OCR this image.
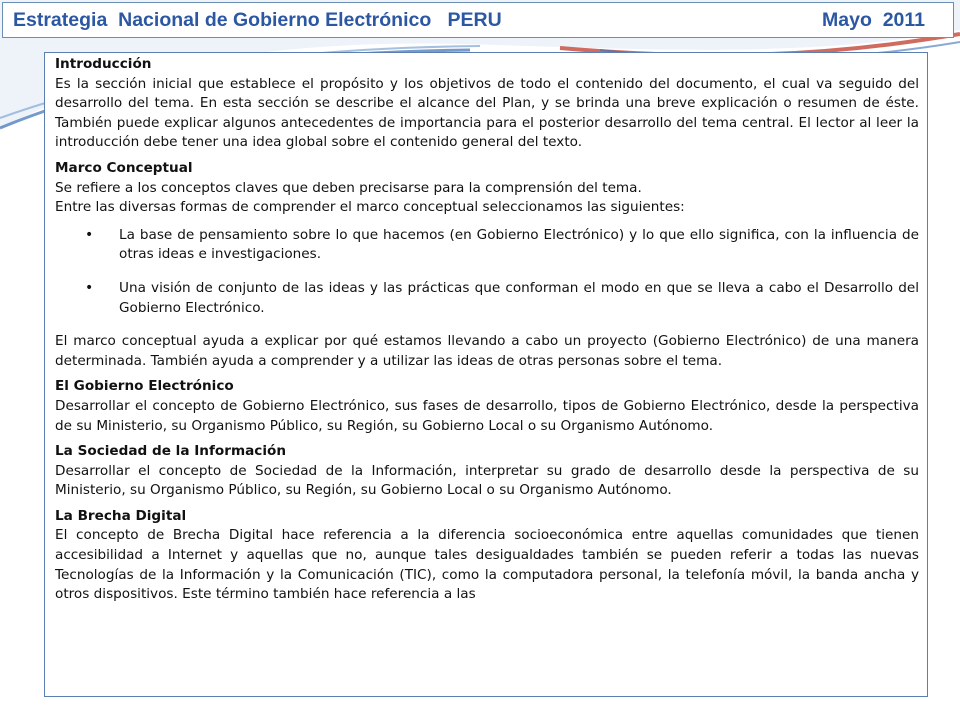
Estrategia  Nacional de Gobierno Electrónico   PERU	Mayo  2011
Introducción
Es la sección inicial que establece el propósito y los objetivos de todo el contenido del documento, el cual va seguido del desarrollo del tema. En esta sección se describe el alcance del Plan, y se brinda una breve explicación o resumen de éste. También puede explicar algunos antecedentes de importancia para el posterior desarrollo del tema central. El lector al leer la introducción debe tener una idea global sobre el contenido general del texto.
Marco Conceptual
Se refiere a los conceptos claves que deben precisarse para la comprensión del tema.
Entre las diversas formas de comprender el marco conceptual seleccionamos las siguientes:
• La base de pensamiento sobre lo que hacemos (en Gobierno Electrónico) y lo que ello significa, con la influencia de otras ideas e investigaciones.
• Una visión de conjunto de las ideas y las prácticas que conforman el modo en que se lleva a cabo el Desarrollo del Gobierno Electrónico.
El marco conceptual ayuda a explicar por qué estamos llevando a cabo un proyecto (Gobierno Electrónico) de una manera determinada. También ayuda a comprender y a utilizar las ideas de otras personas sobre el tema.
El Gobierno Electrónico
Desarrollar el concepto de Gobierno Electrónico, sus fases de desarrollo, tipos de Gobierno Electrónico, desde la perspectiva de su Ministerio, su Organismo Público, su Región, su Gobierno Local o su Organismo Autónomo.
La Sociedad de la Información
Desarrollar el concepto de Sociedad de la Información, interpretar su grado de desarrollo desde la perspectiva de su Ministerio, su Organismo Público, su Región, su Gobierno Local o su Organismo Autónomo.
La Brecha Digital
El concepto de Brecha Digital hace referencia a la diferencia socioeconómica entre aquellas comunidades que tienen accesibilidad a Internet y aquellas que no, aunque tales desigualdades también se pueden referir a todas las nuevas Tecnologías de la Información y la Comunicación (TIC), como la computadora personal, la telefonía móvil, la banda ancha y otros dispositivos. Este término también hace referencia a las
